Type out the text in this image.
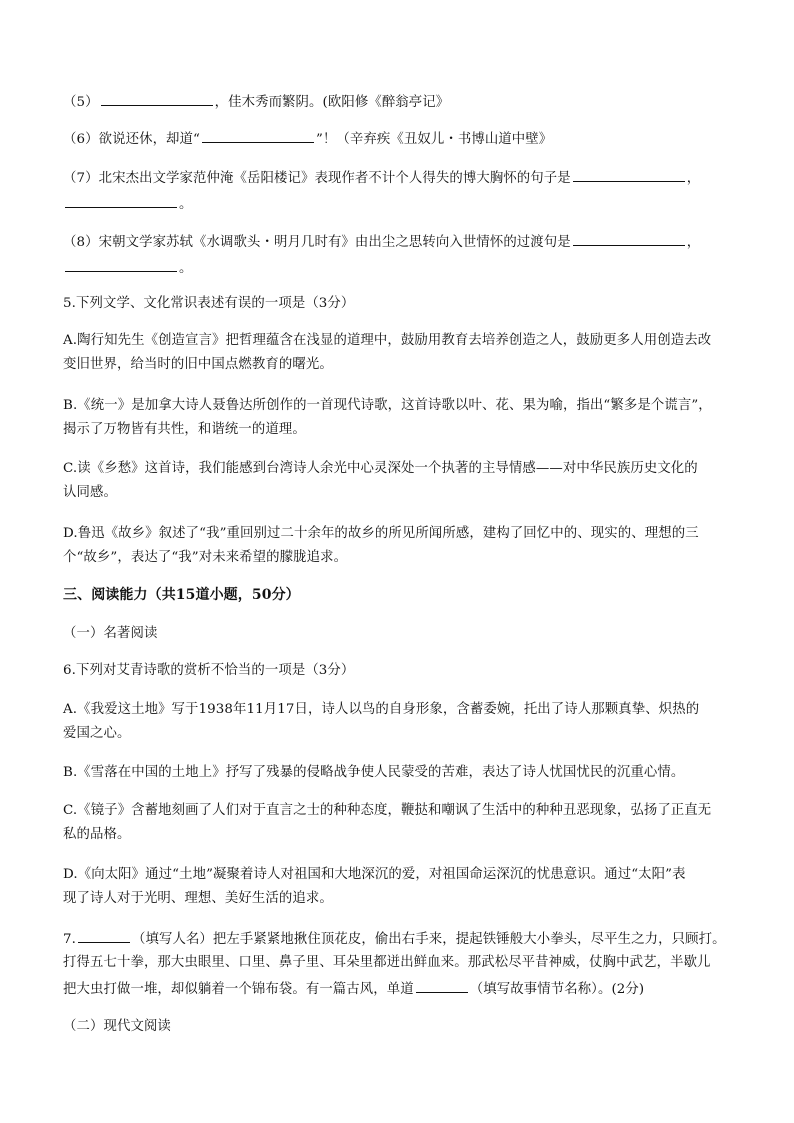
（5）	，佳木秀而繁阴。(欧阳修《醉翁亭记》
（6）欲说还休，却道“	”！（辛弃疾《丑奴儿・书博山道中壁》
（7）北宋杰出文学家范仲淹《岳阳楼记》表现作者不计个人得失的博大胸怀的句子是	，
。
（8）宋朝文学家苏轼《水调歌头・明月几时有》由出尘之思转向入世情怀的过渡句是	，
。
5.下列文学、文化常识表述有误的一项是（3分）
A.陶行知先生《创造宣言》把哲理蕴含在浅显的道理中，鼓励用教育去培养创造之人，鼓励更多人用创造去改
变旧世界，给当时的旧中国点燃教育的曙光。
B.《统一》是加拿大诗人聂鲁达所创作的一首现代诗歌，这首诗歌以叶、花、果为喻，指出“繁多是个谎言”，
揭示了万物皆有共性，和谐统一的道理。
C.读《乡愁》这首诗，我们能感到台湾诗人余光中心灵深处一个执著的主导情感——对中华民族历史文化的
认同感。
D.鲁迅《故乡》叙述了“我”重回别过二十余年的故乡的所见所闻所感，建构了回忆中的、现实的、理想的三
个“故乡”，表达了“我”对未来希望的朦胧追求。
三、阅读能力（共15道小题，50分）
（一）名著阅读
6.下列对艾青诗歌的赏析不恰当的一项是（3分）
A.《我爱这土地》写于1938年11月17日，诗人以鸟的自身形象，含蓄委婉，托出了诗人那颗真挚、炽热的
爱国之心。
B.《雪落在中国的土地上》抒写了残暴的侵略战争使人民蒙受的苦难，表达了诗人忧国忧民的沉重心情。
C.《镜子》含蓄地刻画了人们对于直言之士的种种态度，鞭挞和嘲讽了生活中的种种丑恶现象，弘扬了正直无
私的品格。
D.《向太阳》通过“土地”凝聚着诗人对祖国和大地深沉的爱，对祖国命运深沉的忧患意识。通过“太阳”表
现了诗人对于光明、理想、美好生活的追求。
7.	（填写人名）把左手紧紧地揪住顶花皮，偷出右手来，提起铁锤般大小拳头，尽平生之力，只顾打。
打得五七十拳，那大虫眼里、口里、鼻子里、耳朵里都迸出鲜血来。那武松尽平昔神威，仗胸中武艺，半歇儿
把大虫打做一堆，却似躺着一个锦布袋。有一篇古风，单道	（填写故事情节名称）。(2分)
（二）现代文阅读
